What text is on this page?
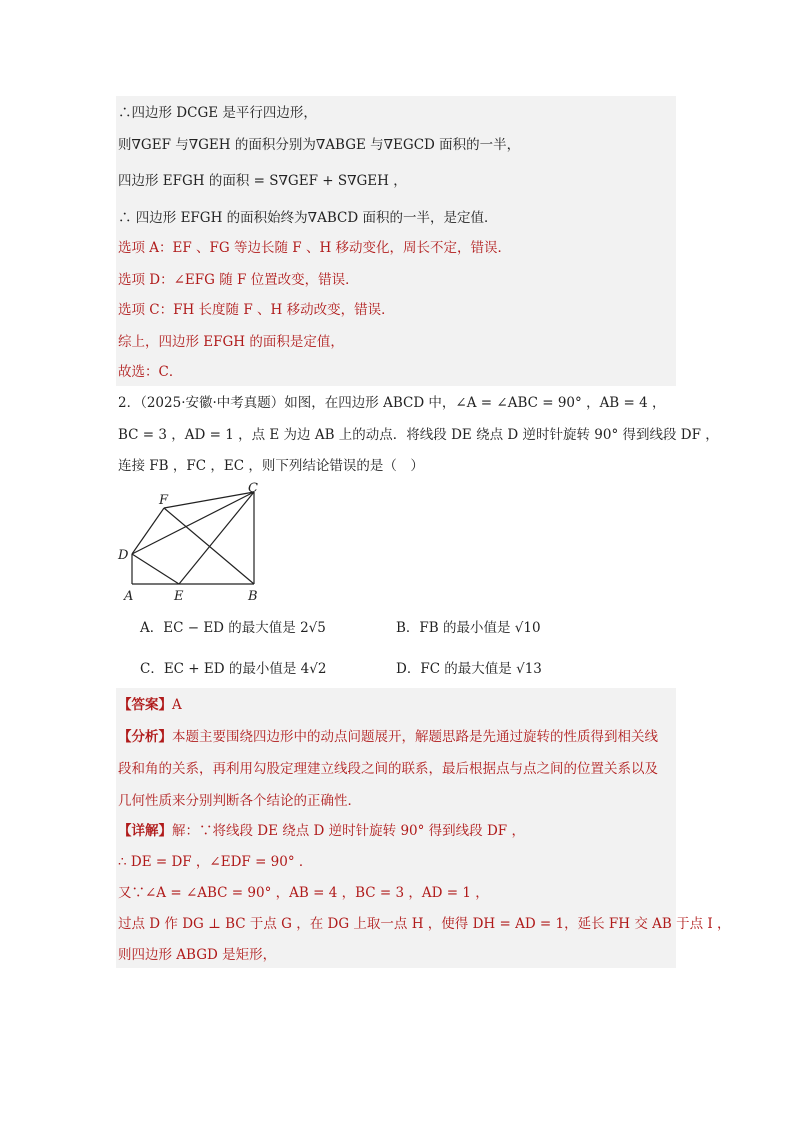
∴四边形 DCGE 是平行四边形，
则∇GEF 与∇GEH 的面积分别为∇ABGE 与∇EGCD 面积的一半，
四边形 EFGH 的面积 = S∇GEF + S∇GEH ，
∴ 四边形 EFGH 的面积始终为∇ABCD 面积的一半，是定值．
选项 A：EF 、FG 等边长随 F 、H 移动变化，周长不定，错误．
选项 D：∠EFG 随 F 位置改变，错误．
选项 C：FH 长度随 F 、H 移动改变，错误．
综上，四边形 EFGH 的面积是定值，
故选：C．
2．（2025·安徽·中考真题）如图，在四边形 ABCD 中，∠A = ∠ABC = 90° ，AB = 4 ，
BC = 3 ，AD = 1 ，点 E 为边 AB 上的动点．将线段 DE 绕点 D 逆时针旋转 90° 得到线段 DF ，
连接 FB ，FC ，EC ，则下列结论错误的是（　）
F
C
D
A	E	B
A．EC − ED 的最大值是 2√5	B．FB 的最小值是 √10
C．EC + ED 的最小值是 4√2	D．FC 的最大值是 √13
【答案】A
【分析】本题主要围绕四边形中的动点问题展开，解题思路是先通过旋转的性质得到相关线
段和角的关系，再利用勾股定理建立线段之间的联系，最后根据点与点之间的位置关系以及
几何性质来分别判断各个结论的正确性．
【详解】解：∵将线段 DE 绕点 D 逆时针旋转 90° 得到线段 DF ，
∴ DE = DF ，∠EDF = 90° ．
又∵∠A = ∠ABC = 90° ，AB = 4 ，BC = 3 ，AD = 1 ，
过点 D 作 DG ⊥ BC 于点 G ，在 DG 上取一点 H ，使得 DH = AD = 1，延长 FH 交 AB 于点 I ，
则四边形 ABGD 是矩形，
